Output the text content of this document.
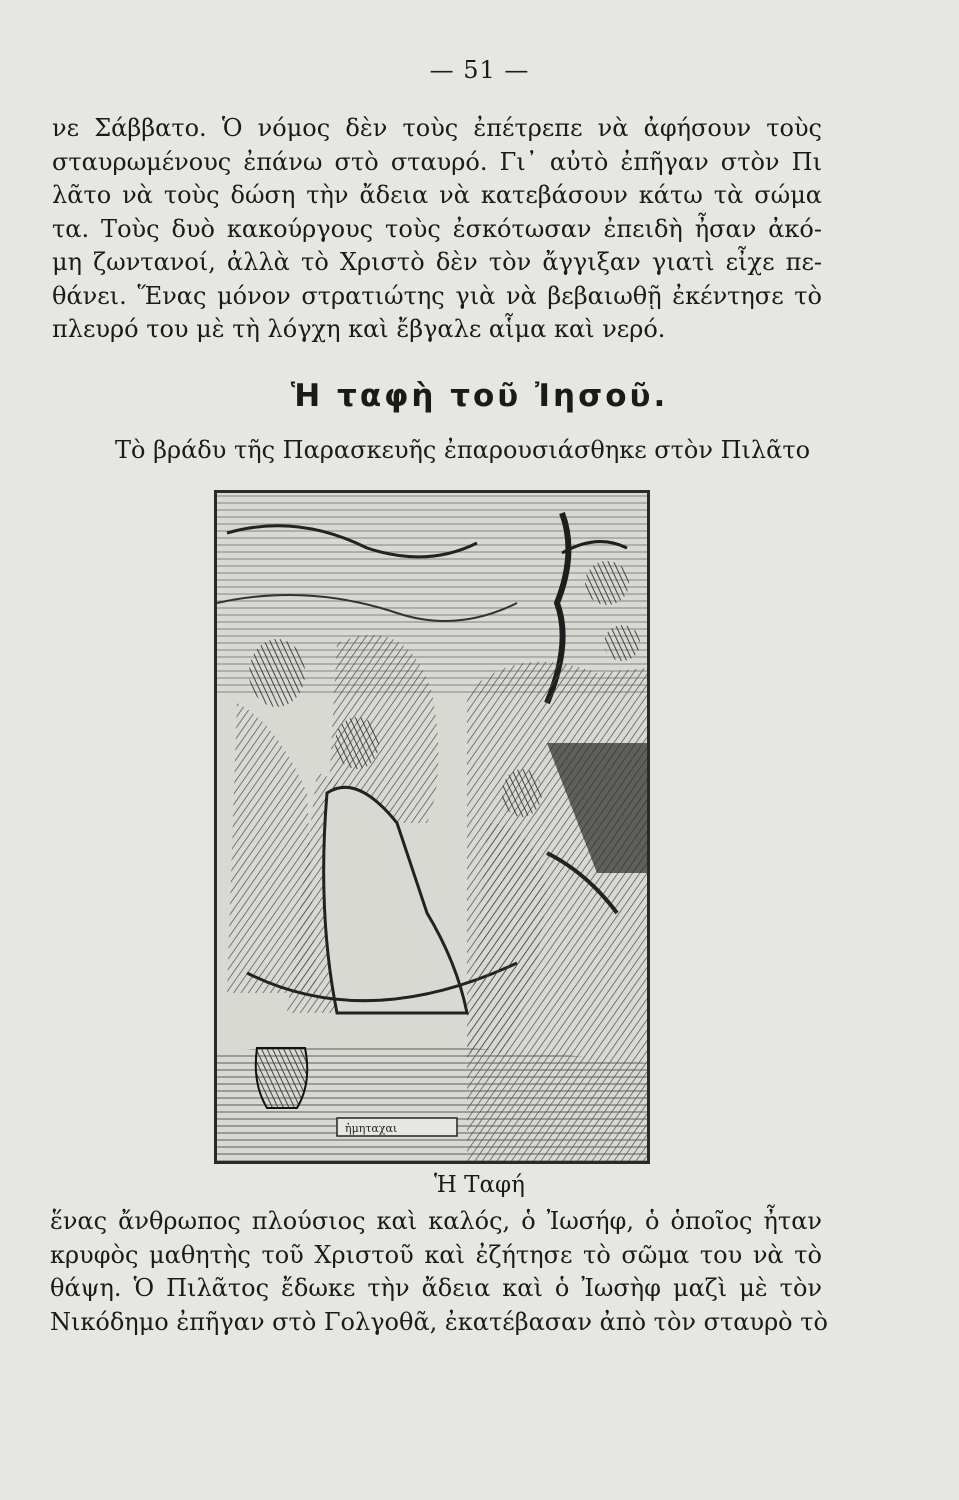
— 51 —
νε Σάββατο. Ὁ νόμος δὲν τοὺς ἐπέτρεπε νὰ ἀφήσουν τοὺς
σταυρωμένους ἐπάνω στὸ σταυρό. Γι᾿ αὐτὸ ἐπῆγαν στὸν Πι
λᾶτο νὰ τοὺς δώση τὴν ἄδεια νὰ κατεβάσουν κάτω τὰ σώμα
τα. Τοὺς δυὸ κακούργους τοὺς ἐσκότωσαν ἐπειδὴ ἦσαν ἀκό-
μη ζωντανοί, ἀλλὰ τὸ Χριστὸ δὲν τὸν ἄγγιξαν γιατὶ εἶχε πε-
θάνει. Ἕνας μόνον στρατιώτης γιὰ νὰ βεβαιωθῇ ἐκέντησε τὸ
πλευρό του μὲ τὴ λόγχη καὶ ἔβγαλε αἷμα καὶ νερό.
Ἡ ταφὴ τοῦ Ἰησοῦ.
Τὸ βράδυ τῆς Παρασκευῆς ἐπαρουσιάσθηκε στὸν Πιλᾶτο
ἡμηταχαι
Ἡ Ταφή
ἕνας ἄνθρωπος πλούσιος καὶ καλός, ὁ Ἰωσήφ, ὁ ὁποῖος ἦταν
κρυφὸς μαθητὴς τοῦ Χριστοῦ καὶ ἐζήτησε τὸ σῶμα του νὰ τὸ
θάψη. Ὁ Πιλᾶτος ἔδωκε τὴν ἄδεια καὶ ὁ Ἰωσὴφ μαζὶ μὲ τὸν
Νικόδημο ἐπῆγαν στὸ Γολγοθᾶ, ἐκατέβασαν ἀπὸ τὸν σταυρὸ τὸ
